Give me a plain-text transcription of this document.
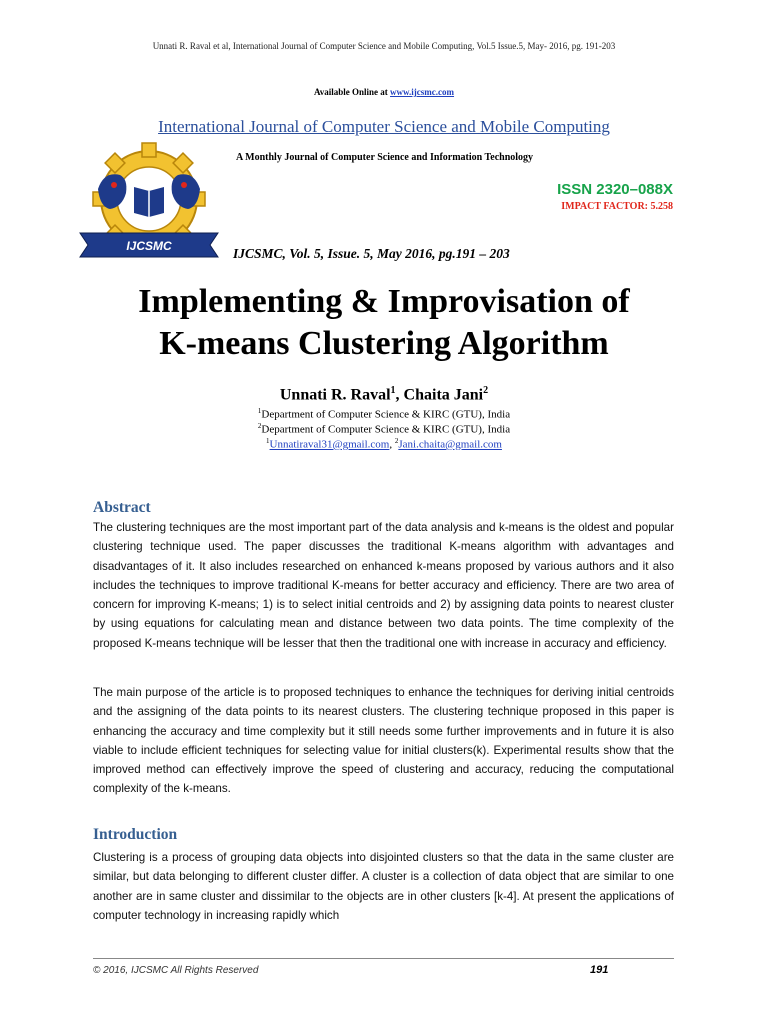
Unnati R. Raval et al, International Journal of Computer Science and Mobile Computing, Vol.5 Issue.5, May- 2016, pg. 191-203
Available Online at www.ijcsmc.com
International Journal of Computer Science and Mobile Computing
IJCSMC
A Monthly Journal of Computer Science and Information Technology
ISSN 2320–088X
IMPACT FACTOR: 5.258
IJCSMC, Vol. 5, Issue. 5, May 2016, pg.191 – 203
Implementing & Improvisation of
K-means Clustering Algorithm
Unnati R. Raval$^1$, Chaita Jani$^2$
$^1$Department of Computer Science & KIRC (GTU), India
$^2$Department of Computer Science & KIRC (GTU), India
$^1$Unnatiraval31@gmail.com, $^2$Jani.chaita@gmail.com
Abstract
The clustering techniques are the most important part of the data analysis and k-means is the oldest and popular clustering technique used. The paper discusses the traditional K-means algorithm with advantages and disadvantages of it. It also includes researched on enhanced k-means proposed by various authors and it also includes the techniques to improve traditional K-means for better accuracy and efficiency. There are two area of concern for improving K-means; 1) is to select initial centroids and 2) by assigning data points to nearest cluster by using equations for calculating mean and distance between two data points. The time complexity of the proposed K-means technique will be lesser that then the traditional one with increase in accuracy and efficiency.
The main purpose of the article is to proposed techniques to enhance the techniques for deriving initial centroids and the assigning of the data points to its nearest clusters. The clustering technique proposed in this paper is enhancing the accuracy and time complexity but it still needs some further improvements and in future it is also viable to include efficient techniques for selecting value for initial clusters(k). Experimental results show that the improved method can effectively improve the speed of clustering and accuracy, reducing the computational complexity of the k-means.
Introduction
Clustering is a process of grouping data objects into disjointed clusters so that the data in the same cluster are similar, but data belonging to different cluster differ. A cluster is a collection of data object that are similar to one another are in same cluster and dissimilar to the objects are in other clusters [k-4]. At present the applications of computer technology in increasing rapidly which
© 2016, IJCSMC All Rights Reserved	191
